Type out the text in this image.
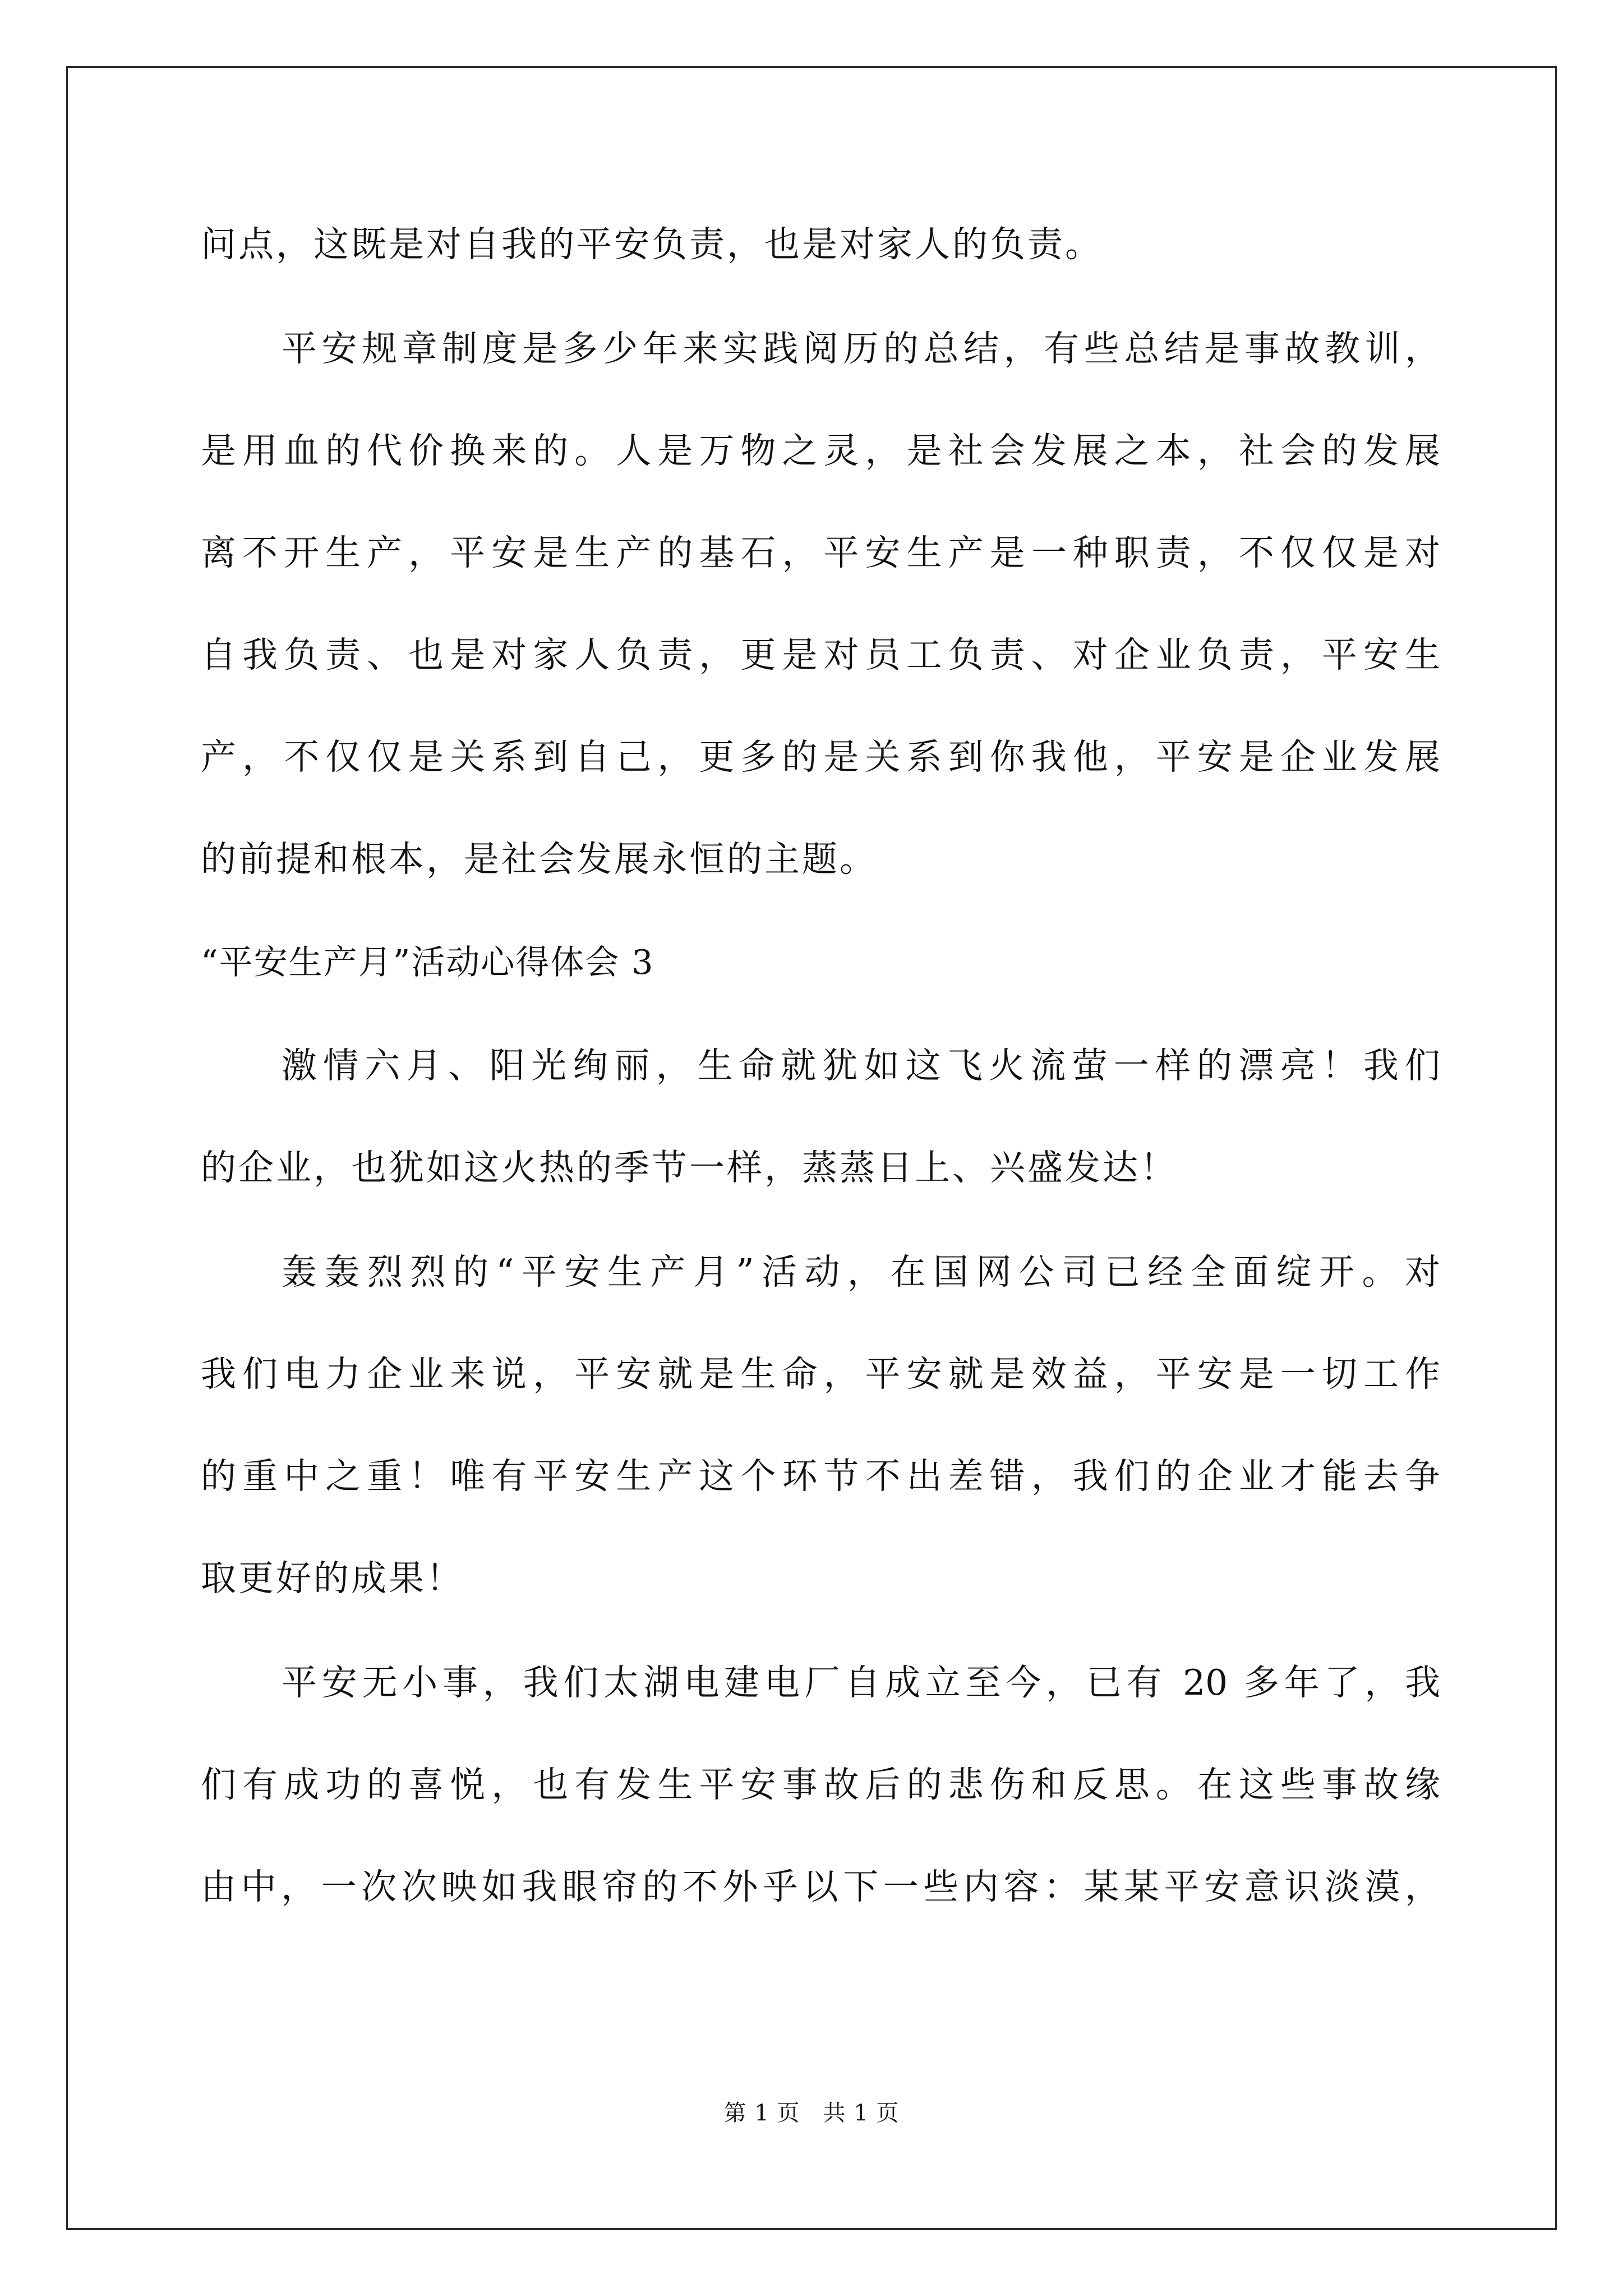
问点，这既是对自我的平安负责，也是对家人的负责。
平安规章制度是多少年来实践阅历的总结，有些总结是事故教训，
是用血的代价换来的。人是万物之灵，是社会发展之本，社会的发展
离不开生产，平安是生产的基石，平安生产是一种职责，不仅仅是对
自我负责、也是对家人负责，更是对员工负责、对企业负责，平安生
产，不仅仅是关系到自己，更多的是关系到你我他，平安是企业发展
的前提和根本，是社会发展永恒的主题。
“平安生产月”活动心得体会 3
激情六月、阳光绚丽，生命就犹如这飞火流萤一样的漂亮！我们
的企业，也犹如这火热的季节一样，蒸蒸日上、兴盛发达！
轰轰烈烈的“平安生产月”活动，在国网公司已经全面绽开。对
我们电力企业来说，平安就是生命，平安就是效益，平安是一切工作
的重中之重！唯有平安生产这个环节不出差错，我们的企业才能去争
取更好的成果！
平安无小事，我们太湖电建电厂自成立至今，已有 20 多年了，我
们有成功的喜悦，也有发生平安事故后的悲伤和反思。在这些事故缘
由中，一次次映如我眼帘的不外乎以下一些内容：某某平安意识淡漠，
第 1 页　共 1 页
